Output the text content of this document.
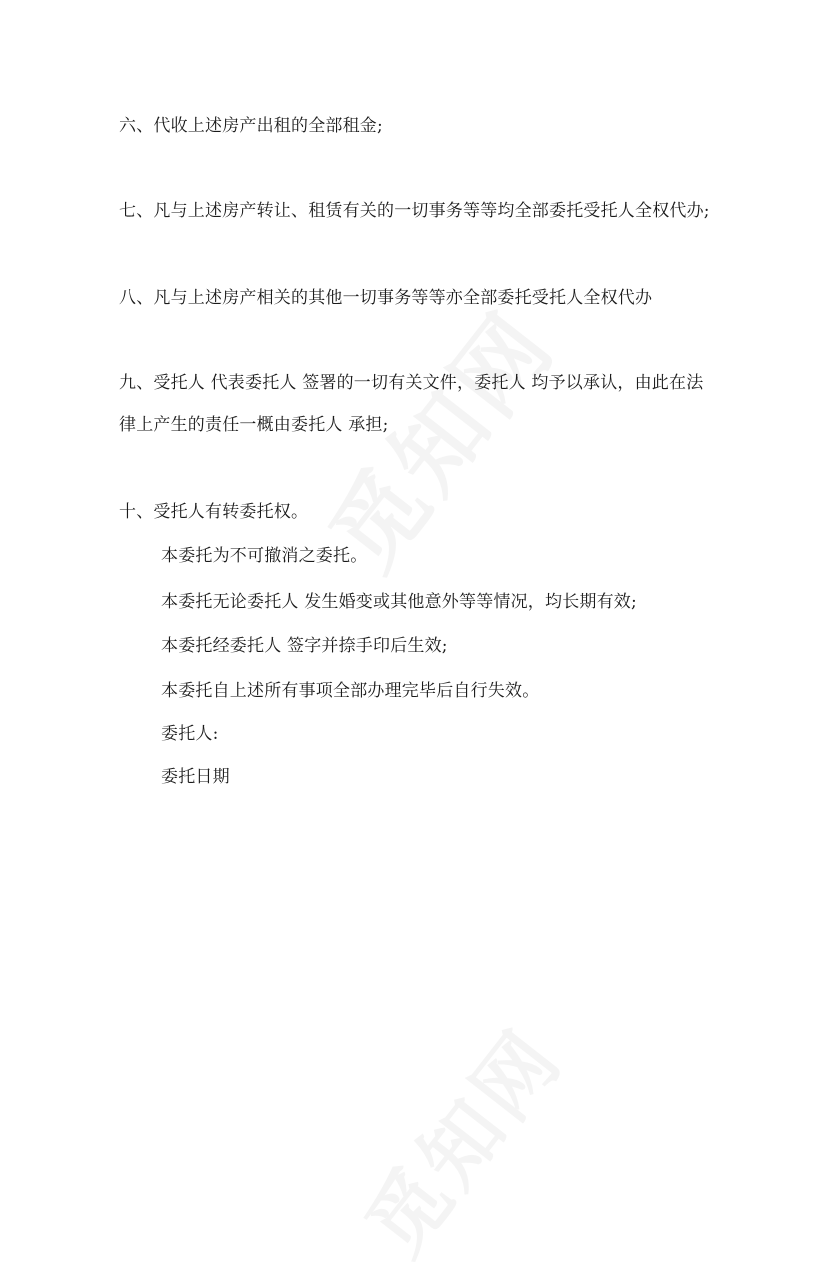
六、代收上述房产出租的全部租金;
七、凡与上述房产转让、租赁有关的一切事务等等均全部委托受托人全权代办;
八、凡与上述房产相关的其他一切事务等等亦全部委托受托人全权代办
九、受托人 代表委托人 签署的一切有关文件，委托人 均予以承认，由此在法
律上产生的责任一概由委托人 承担;
十、受托人有转委托权。
本委托为不可撤消之委托。
本委托无论委托人 发生婚变或其他意外等等情况，均长期有效;
本委托经委托人 签字并捺手印后生效;
本委托自上述所有事项全部办理完毕后自行失效。
委托人:
委托日期
